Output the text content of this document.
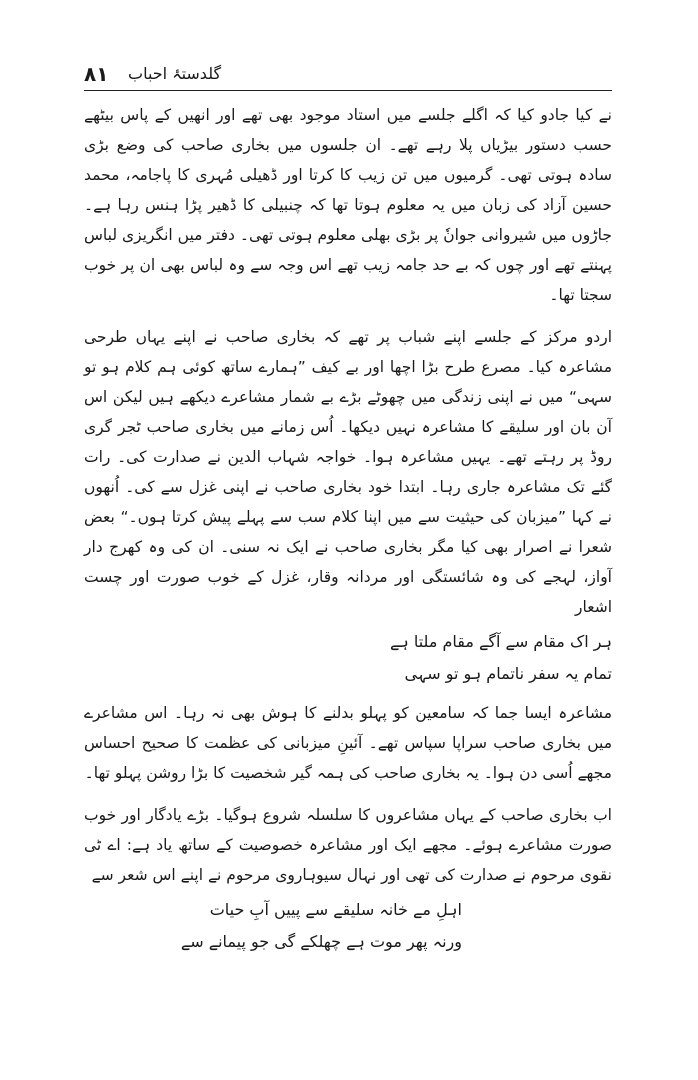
گلدستۂ احباب
۸۱

نے کیا جادو کیا کہ اگلے جلسے میں استاد موجود بھی تھے اور انھیں کے پاس بیٹھے حسب دستور بیڑیاں پلا رہے تھے۔ ان جلسوں میں بخاری صاحب کی وضع بڑی سادہ ہوتی تھی۔ گرمیوں میں تن زیب کا کرتا اور ڈھیلی مُہری کا پاجامہ، محمد حسین آزاد کی زبان میں یہ معلوم ہوتا تھا کہ چنبیلی کا ڈھیر پڑا ہنس رہا ہے۔ جاڑوں میں شیروانی جوانٗ پر بڑی بھلی معلوم ہوتی تھی۔ دفتر میں انگریزی لباس پہنتے تھے اور چوں کہ بے حد جامہ زیب تھے اس وجہ سے وہ لباس بھی ان پر خوب سجتا تھا۔

اردو مرکز کے جلسے اپنے شباب پر تھے کہ بخاری صاحب نے اپنے یہاں طرحی مشاعرہ کیا۔ مصرع طرح بڑا اچھا اور بے کیف ”ہمارے ساتھ کوئی ہم کلام ہو تو سہی“ میں نے اپنی زندگی میں چھوٹے بڑے بے شمار مشاعرے دیکھے ہیں لیکن اس آن بان اور سلیقے کا مشاعرہ نہیں دیکھا۔ اُس زمانے میں بخاری صاحب ٹجر گری روڈ پر رہتے تھے۔ یہیں مشاعرہ ہوا۔ خواجہ شہاب الدین نے صدارت کی۔ رات گئے تک مشاعرہ جاری رہا۔ ابتدا خود بخاری صاحب نے اپنی غزل سے کی۔ اُنھوں نے کہا ”میزبان کی حیثیت سے میں اپنا کلام سب سے پہلے پیش کرتا ہوں۔“ بعض شعرا نے اصرار بھی کیا مگر بخاری صاحب نے ایک نہ سنی۔ ان کی وہ کھرج دار آواز، لہجے کی وہ شائستگی اور مردانہ وقار، غزل کے خوب صورت اور چست اشعار

ہر اک مقام سے آگے مقام ملتا ہے
تمام یہ سفر ناتمام ہو تو سہی

مشاعرہ ایسا جما کہ سامعین کو پہلو بدلنے کا ہوش بھی نہ رہا۔ اس مشاعرے میں بخاری صاحب سراپا سپاس تھے۔ آئینِ میزبانی کی عظمت کا صحیح احساس مجھے اُسی دن ہوا۔ یہ بخاری صاحب کی ہمہ گیر شخصیت کا بڑا روشن پہلو تھا۔

اب بخاری صاحب کے یہاں مشاعروں کا سلسلہ شروع ہوگیا۔ بڑے یادگار اور خوب صورت مشاعرے ہوئے۔ مجھے ایک اور مشاعرہ خصوصیت کے ساتھ یاد ہے: اے ٹی نقوی مرحوم نے صدارت کی تھی اور نہال سیوہاروی مرحوم نے اپنے اس شعر سے

اہلِ مے خانہ سلیقے سے پییں آبِ حیات
ورنہ پھر موت ہے چھلکے گی جو پیمانے سے
